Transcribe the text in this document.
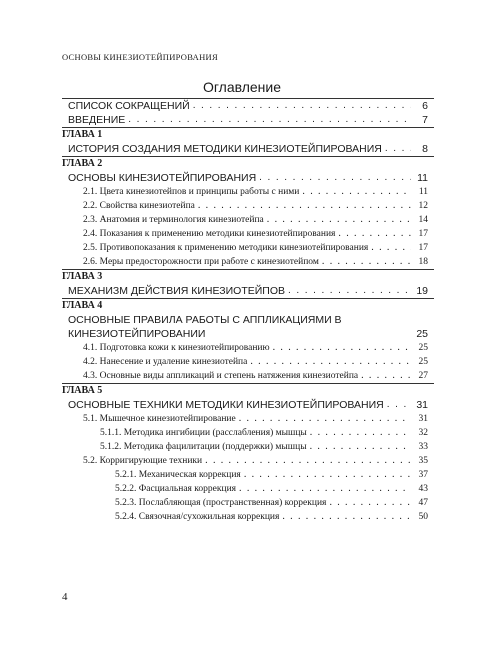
ОСНОВЫ КИНЕЗИОТЕЙПИРОВАНИЯ
Оглавление
СПИСОК СОКРАЩЕНИЙ . . .	6
ВВЕДЕНИЕ . . .	7
ГЛАВА 1
ИСТОРИЯ СОЗДАНИЯ МЕТОДИКИ КИНЕЗИОТЕЙПИРОВАНИЯ . . .	8
ГЛАВА 2
ОСНОВЫ КИНЕЗИОТЕЙПИРОВАНИЯ . . .	11
2.1. Цвета кинезиотейпов и принципы работы с ними . . .	11
2.2. Свойства кинезиотейпа . . .	12
2.3. Анатомия и терминология кинезиотейпа . . .	14
2.4. Показания к применению методики кинезиотейпирования . . .	17
2.5. Противопоказания к применению методики кинезиотейпирования . . .	17
2.6. Меры предосторожности при работе с кинезиотейпом . . .	18
ГЛАВА 3
МЕХАНИЗМ ДЕЙСТВИЯ КИНЕЗИОТЕЙПОВ . . .	19
ГЛАВА 4
ОСНОВНЫЕ ПРАВИЛА РАБОТЫ С АППЛИКАЦИЯМИ В КИНЕЗИОТЕЙПИРОВАНИИ	25
4.1. Подготовка кожи к кинезиотейпированию . . .	25
4.2. Нанесение и удаление кинезиотейпа . . .	25
4.3. Основные виды аппликаций и степень натяжения кинезиотейпа . . .	27
ГЛАВА 5
ОСНОВНЫЕ ТЕХНИКИ МЕТОДИКИ КИНЕЗИОТЕЙПИРОВАНИЯ . . .	31
5.1. Мышечное кинезиотейпирование . . .	31
5.1.1. Методика ингибиции (расслабления) мышцы . . .	32
5.1.2. Методика фацилитации (поддержки) мышцы . . .	33
5.2. Корригирующие техники . . .	35
5.2.1. Механическая коррекция . . .	37
5.2.2. Фасциальная коррекция . . .	43
5.2.3. Послабляющая (пространственная) коррекция . . .	47
5.2.4. Связочная/сухожильная коррекция . . .	50
4
